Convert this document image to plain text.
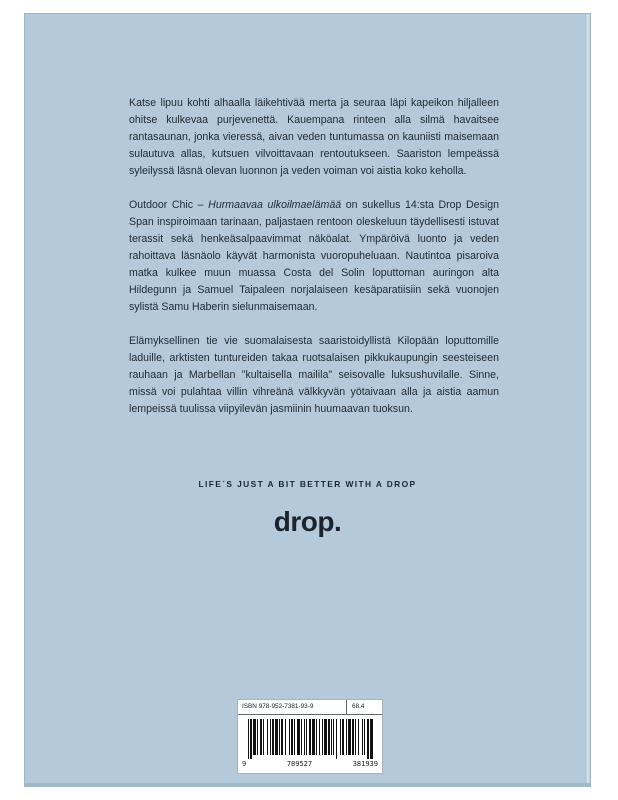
Katse lipuu kohti alhaalla läikehtivää merta ja seuraa läpi kapeikon hiljalleen ohitse kulkevaa purjevenettä. Kauempana rinteen alla silmä havaitsee rantasaunan, jonka vieressä, aivan veden tuntumassa on kauniisti maisemaan sulautuva allas, kutsuen vilvoittavaan rentoutukseen. Saariston lempeässä syleilyssä läsnä olevan luonnon ja veden voiman voi aistia koko keholla.

Outdoor Chic – Hurmaavaa ulkoilmaelämää on sukellus 14:sta Drop Design Span inspiroimaan tarinaan, paljastaen rentoon oleskeluun täydellisesti istuvat terassit sekä henkeäsalpaavimmat näköalat. Ympäröivä luonto ja veden rahoittava läsnäolo käyvät harmonista vuoropuheluaan. Nautintoa pisaroiva matka kulkee muun muassa Costa del Solin loputtoman auringon alta Hildegunn ja Samuel Taipaleen norjalaiseen kesäparatiisiin sekä vuonojen sylistä Samu Haberin sielunmaisemaan.

Elämyksellinen tie vie suomalaisesta saaristoidyllistä Kilopään loputtomille laduille, arktisten tuntureiden takaa ruotsalaisen pikkukaupungin seesteiseen rauhaan ja Marbellan "kultaisella mailila" seisovalle luksushuvilalle. Sinne, missä voi pulahtaa villin vihreänä välkkyvän yötaivaan alla ja aistia aamun lempeissä tuulissa viipyilevän jasmiinin huumaavan tuoksun.

LIFE´S JUST A BIT BETTER WITH A DROP
drop.
ISBN 978-952-7381-93-9	68.4
9	789527	381939
